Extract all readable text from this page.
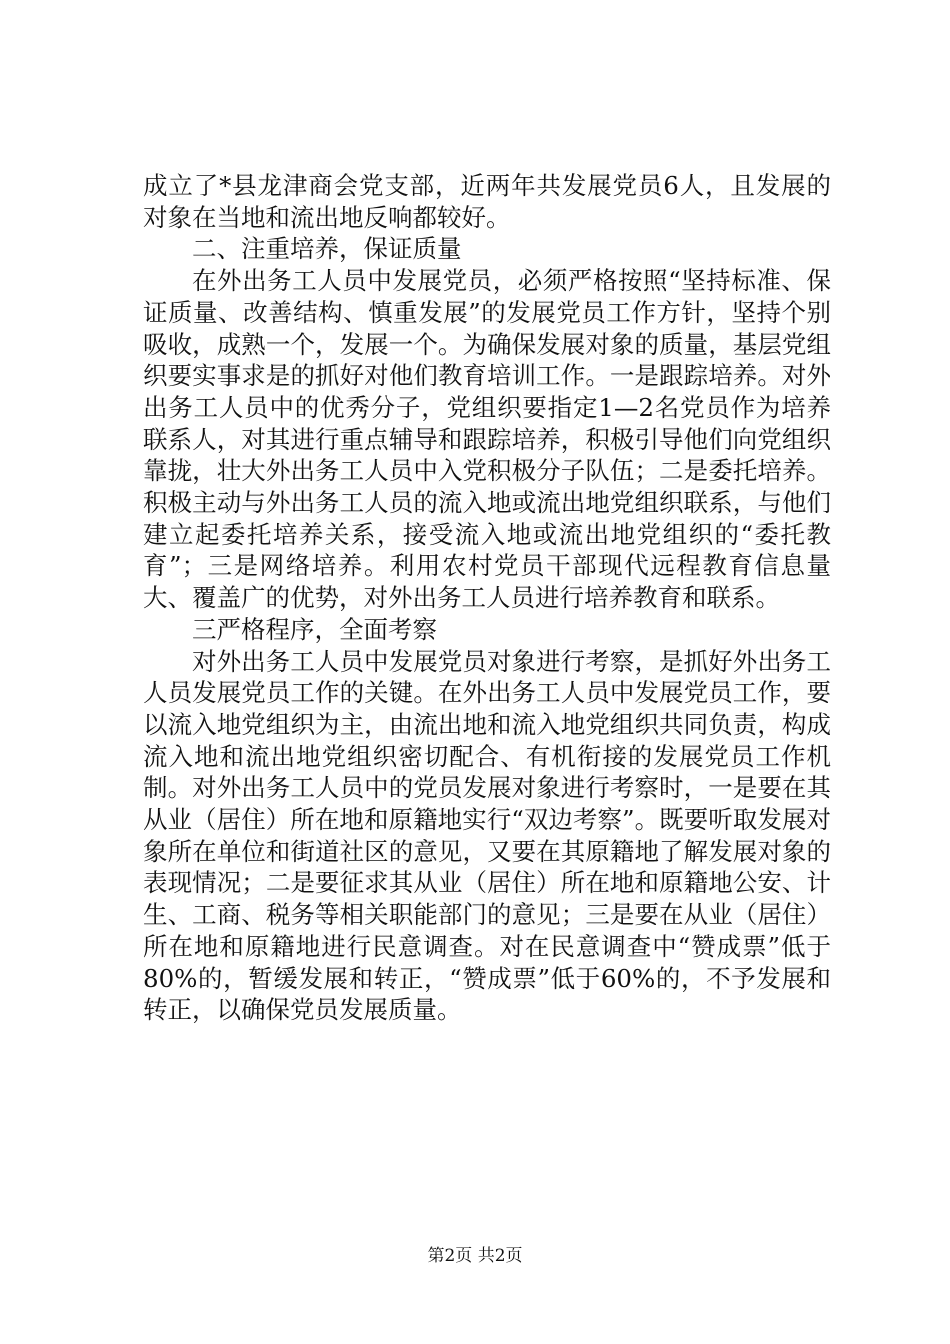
成立了*县龙津商会党支部，近两年共发展党员6人，且发展的对象在当地和流出地反响都较好。

二、注重培养，保证质量

在外出务工人员中发展党员，必须严格按照“坚持标准、保证质量、改善结构、慎重发展”的发展党员工作方针，坚持个别吸收，成熟一个，发展一个。为确保发展对象的质量，基层党组织要实事求是的抓好对他们教育培训工作。一是跟踪培养。对外出务工人员中的优秀分子，党组织要指定1—2名党员作为培养联系人，对其进行重点辅导和跟踪培养，积极引导他们向党组织靠拢，壮大外出务工人员中入党积极分子队伍；二是委托培养。积极主动与外出务工人员的流入地或流出地党组织联系，与他们建立起委托培养关系，接受流入地或流出地党组织的“委托教育”；三是网络培养。利用农村党员干部现代远程教育信息量大、覆盖广的优势，对外出务工人员进行培养教育和联系。

三严格程序，全面考察

对外出务工人员中发展党员对象进行考察，是抓好外出务工人员发展党员工作的关键。在外出务工人员中发展党员工作，要以流入地党组织为主，由流出地和流入地党组织共同负责，构成流入地和流出地党组织密切配合、有机衔接的发展党员工作机制。对外出务工人员中的党员发展对象进行考察时，一是要在其从业（居住）所在地和原籍地实行“双边考察”。既要听取发展对象所在单位和街道社区的意见，又要在其原籍地了解发展对象的表现情况；二是要征求其从业（居住）所在地和原籍地公安、计生、工商、税务等相关职能部门的意见；三是要在从业（居住）所在地和原籍地进行民意调查。对在民意调查中“赞成票”低于80%的，暂缓发展和转正，“赞成票”低于60%的，不予发展和转正，以确保党员发展质量。

第2页 共2页
